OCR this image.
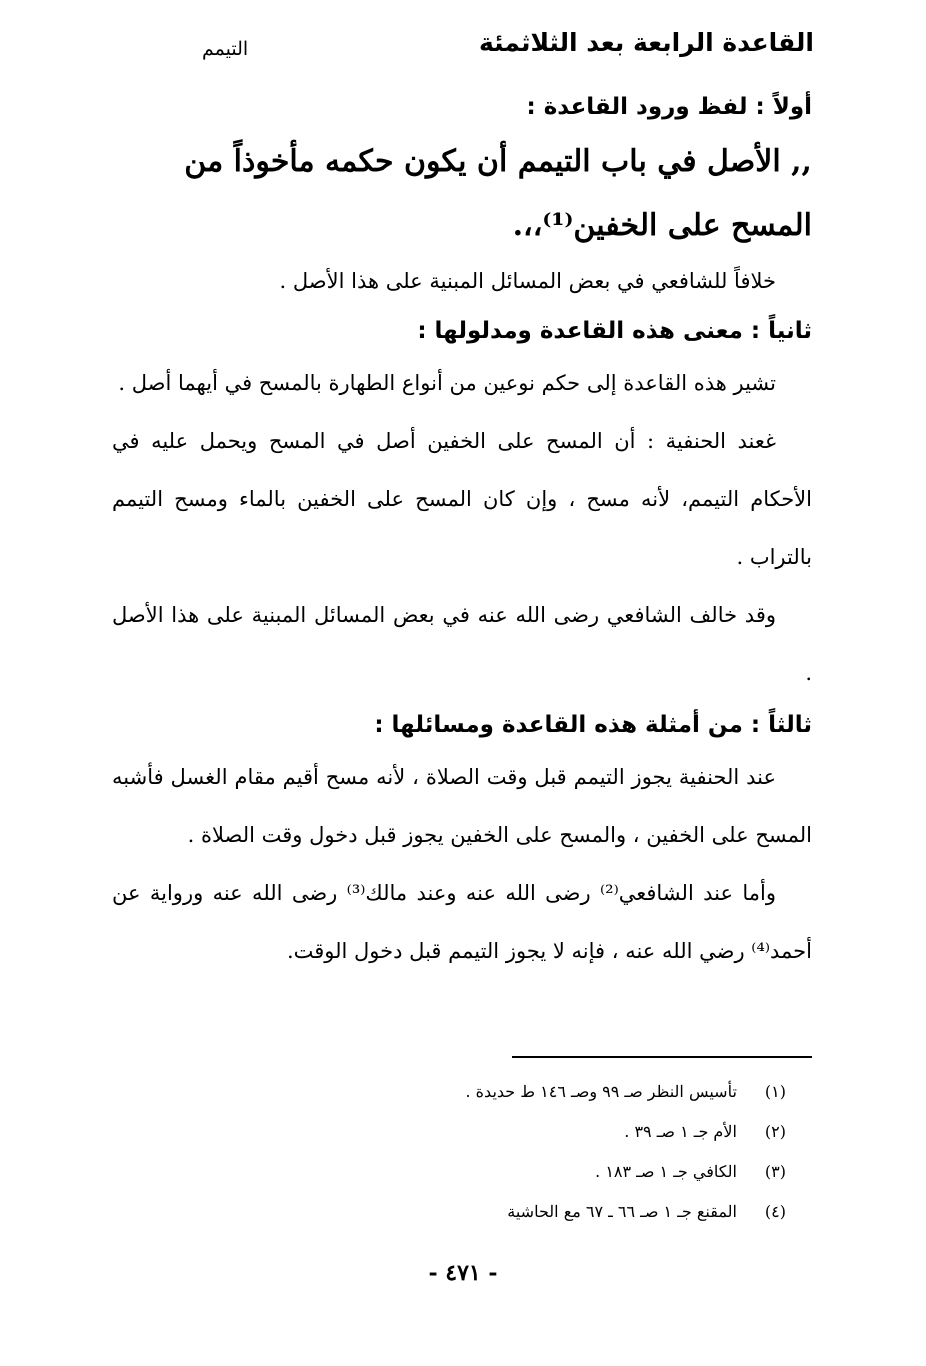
القاعدة الرابعة بعد الثلاثمئة
التيمم

أولاً : لفظ ورود القاعدة :

,, الأصل في باب التيمم أن يكون حكمه مأخوذاً من

المسح على الخفين⁽¹⁾،،.

خلافاً للشافعي في بعض المسائل المبنية على هذا الأصل .

ثانياً : معنى هذه القاعدة ومدلولها :

تشير هذه القاعدة إلى حكم نوعين من أنواع الطهارة بالمسح في أيهما أصل .

غعند الحنفية : أن المسح على الخفين أصل في المسح ويحمل عليه في الأحكام التيمم، لأنه مسح ، وإن كان المسح على الخفين بالماء ومسح التيمم بالتراب .

وقد خالف الشافعي رضى الله عنه في بعض المسائل المبنية على هذا الأصل .

ثالثاً : من أمثلة هذه القاعدة ومسائلها :

عند الحنفية يجوز التيمم قبل وقت الصلاة ، لأنه مسح أقيم مقام الغسل فأشبه المسح على الخفين ، والمسح على الخفين يجوز قبل دخول وقت الصلاة .

وأما عند الشافعي⁽²⁾ رضى الله عنه وعند مالك⁽³⁾ رضى الله عنه ورواية عن أحمد⁽⁴⁾ رضي الله عنه ، فإنه لا يجوز التيمم قبل دخول الوقت.

(١) تأسيس النظر صـ ٩٩ وصـ ١٤٦ ط حديدة .

(٢) الأم جـ ١ صـ ٣٩ .

(٣) الكافي جـ ١ صـ ١٨٣ .

(٤) المقنع جـ ١ صـ ٦٦ ـ ٦٧ مع الحاشية

- ٤٧١ -
